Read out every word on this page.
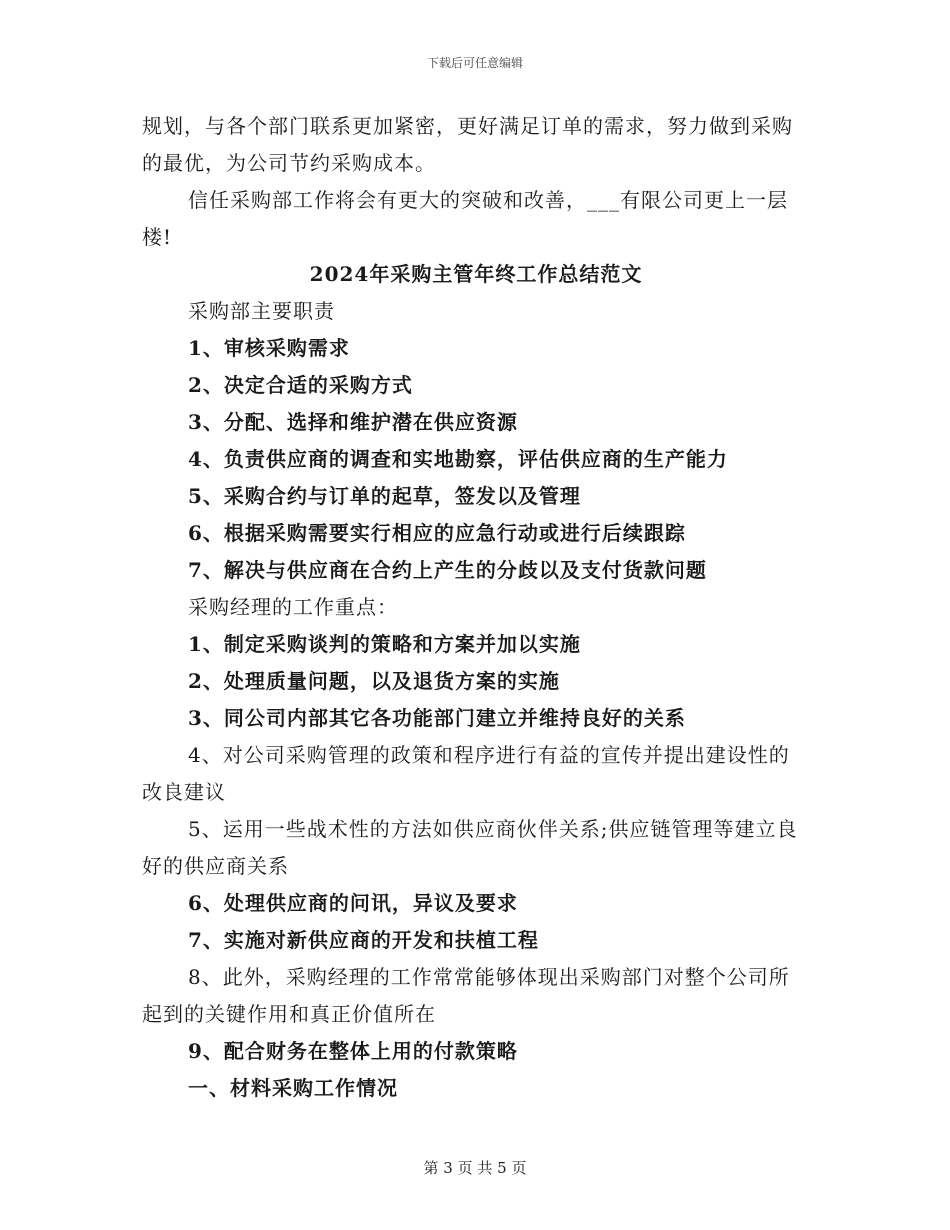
下载后可任意编辑

规划，与各个部门联系更加紧密，更好满足订单的需求，努力做到采购的最优，为公司节约采购成本。

信任采购部工作将会有更大的突破和改善，___有限公司更上一层楼!

2024年采购主管年终工作总结范文

采购部主要职责

1、审核采购需求

2、决定合适的采购方式

3、分配、选择和维护潜在供应资源

4、负责供应商的调查和实地勘察，评估供应商的生产能力

5、采购合约与订单的起草，签发以及管理

6、根据采购需要实行相应的应急行动或进行后续跟踪

7、解决与供应商在合约上产生的分歧以及支付货款问题

采购经理的工作重点：

1、制定采购谈判的策略和方案并加以实施

2、处理质量问题，以及退货方案的实施

3、同公司内部其它各功能部门建立并维持良好的关系

4、对公司采购管理的政策和程序进行有益的宣传并提出建设性的改良建议

5、运用一些战术性的方法如供应商伙伴关系;供应链管理等建立良好的供应商关系

6、处理供应商的问讯，异议及要求

7、实施对新供应商的开发和扶植工程

8、此外，采购经理的工作常常能够体现出采购部门对整个公司所起到的关键作用和真正价值所在

9、配合财务在整体上用的付款策略

一、材料采购工作情况

第 3 页 共 5 页
